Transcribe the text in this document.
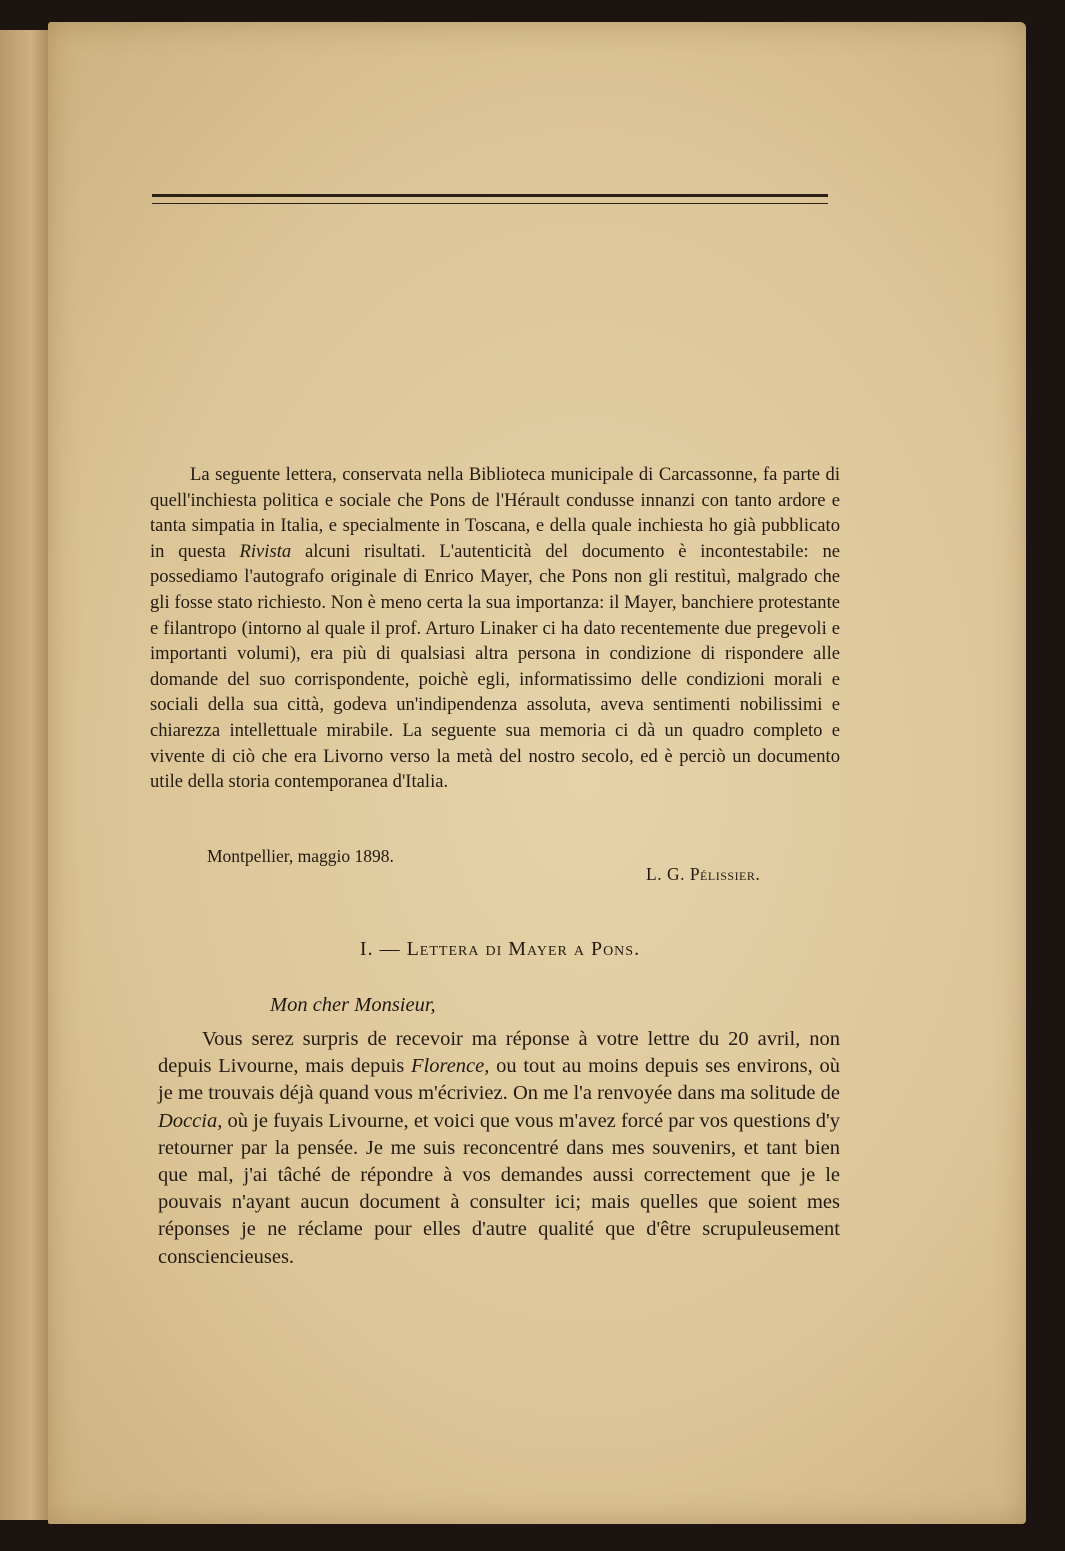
La seguente lettera, conservata nella Biblioteca municipale di Carcassonne, fa parte di quell'inchiesta politica e sociale che Pons de l'Hérault condusse innanzi con tanto ardore e tanta simpatia in Italia, e specialmente in Toscana, e della quale inchiesta ho già pubblicato in questa Rivista alcuni risultati. L'autenticità del documento è incontestabile: ne possediamo l'autografo originale di Enrico Mayer, che Pons non gli restituì, malgrado che gli fosse stato richiesto. Non è meno certa la sua importanza: il Mayer, banchiere protestante e filantropo (intorno al quale il prof. Arturo Linaker ci ha dato recentemente due pregevoli e importanti volumi), era più di qualsiasi altra persona in condizione di rispondere alle domande del suo corrispondente, poichè egli, informatissimo delle condizioni morali e sociali della sua città, godeva un'indipendenza assoluta, aveva sentimenti nobilissimi e chiarezza intellettuale mirabile. La seguente sua memoria ci dà un quadro completo e vivente di ciò che era Livorno verso la metà del nostro secolo, ed è perciò un documento utile della storia contemporanea d'Italia.

Montpellier, maggio 1898.
L. G. Pélissier.
I. — Lettera di Mayer a Pons.
Mon cher Monsieur,

Vous serez surpris de recevoir ma réponse à votre lettre du 20 avril, non depuis Livourne, mais depuis Florence, ou tout au moins depuis ses environs, où je me trouvais déjà quand vous m'écriviez. On me l'a renvoyée dans ma solitude de Doccia, où je fuyais Livourne, et voici que vous m'avez forcé par vos questions d'y retourner par la pensée. Je me suis reconcentré dans mes souvenirs, et tant bien que mal, j'ai tâché de répondre à vos demandes aussi correctement que je le pouvais n'ayant aucun document à consulter ici; mais quelles que soient mes réponses je ne réclame pour elles d'autre qualité que d'être scrupuleusement consciencieuses.
